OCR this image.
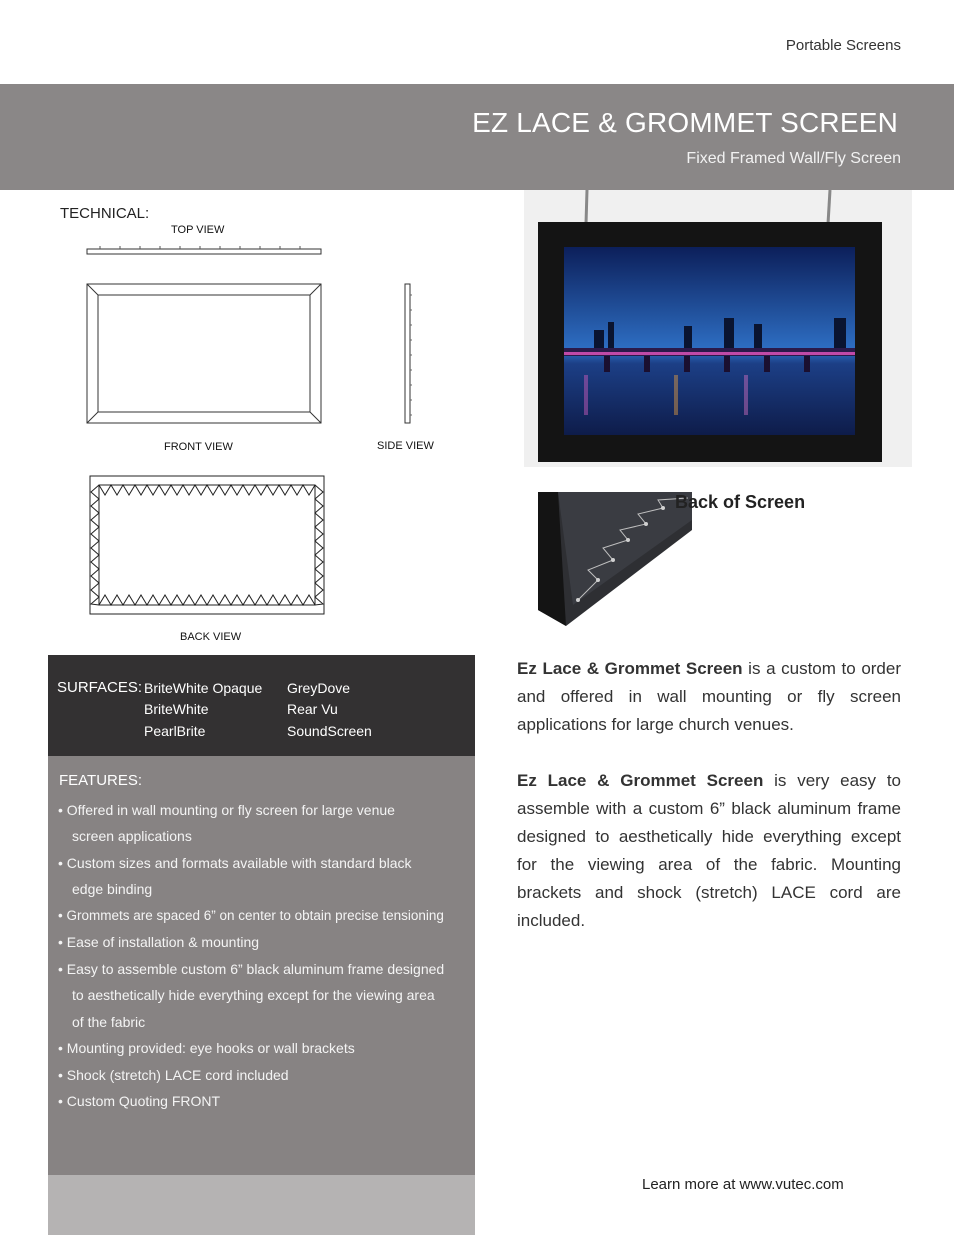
Portable Screens
EZ LACE & GROMMET SCREEN
Fixed Framed Wall/Fly Screen
TECHNICAL:
TOP VIEW
FRONT VIEW	SIDE VIEW
BACK VIEW
Back of Screen
SURFACES: BriteWhite Opaque
BriteWhite
PearlBrite
GreyDove
Rear Vu
SoundScreen
FEATURES:
• Offered in wall mounting or fly screen for large venue
screen applications
• Custom sizes and formats available with standard black
edge binding
• Grommets are spaced 6” on center to obtain precise tensioning
• Ease of installation & mounting
• Easy to assemble custom 6” black aluminum frame designed
to aesthetically hide everything except for the viewing area
of the fabric
• Mounting provided: eye hooks or wall brackets
• Shock (stretch) LACE cord included
• Custom Quoting FRONT
Ez Lace & Grommet Screen is a custom to order and offered in wall mounting or fly screen applications for large church venues.
Ez Lace & Grommet Screen is very easy to assemble with a custom 6” black aluminum frame designed to aesthetically hide everything except for the viewing area of the fabric. Mounting brackets and shock (stretch) LACE cord are included.
Learn more at www.vutec.com
